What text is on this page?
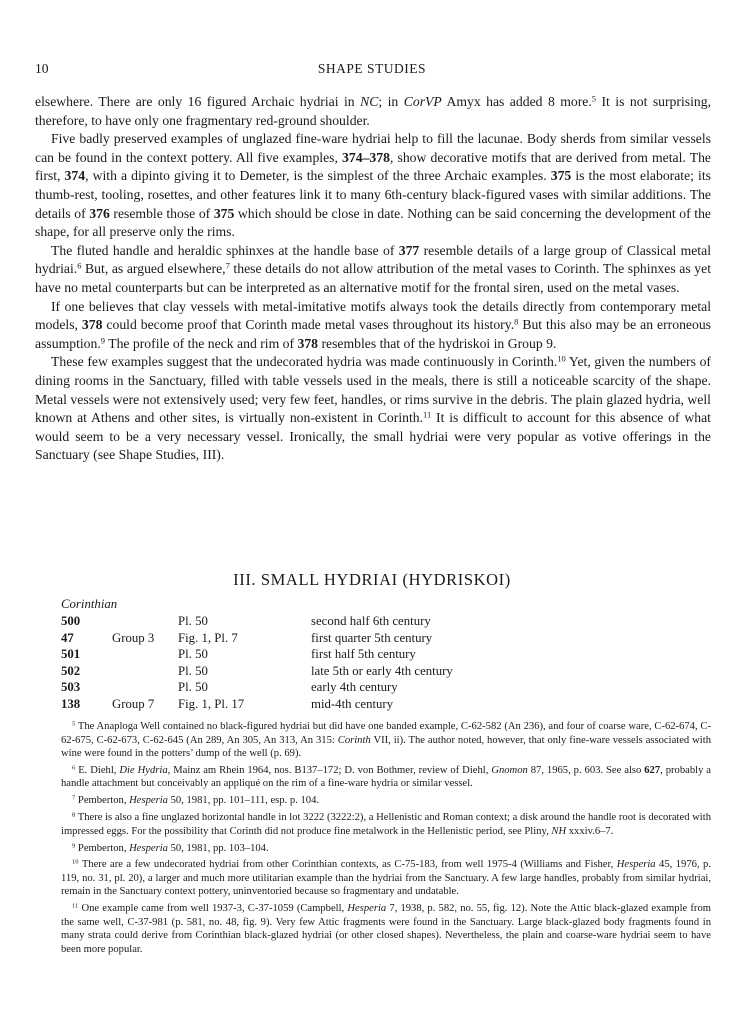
10	SHAPE STUDIES

elsewhere. There are only 16 figured Archaic hydriai in NC; in CorVP Amyx has added 8 more.$^5$ It is not surprising, therefore, to have only one fragmentary red-ground shoulder.

Five badly preserved examples of unglazed fine-ware hydriai help to fill the lacunae. Body sherds from similar vessels can be found in the context pottery. All five examples, 374–378, show decorative motifs that are derived from metal. The first, 374, with a dipinto giving it to Demeter, is the simplest of the three Archaic examples. 375 is the most elaborate; its thumb-rest, tooling, rosettes, and other features link it to many 6th-century black-figured vases with similar additions. The details of 376 resemble those of 375 which should be close in date. Nothing can be said concerning the development of the shape, for all preserve only the rims.

The fluted handle and heraldic sphinxes at the handle base of 377 resemble details of a large group of Classical metal hydriai.$^6$ But, as argued elsewhere,$^7$ these details do not allow attribution of the metal vases to Corinth. The sphinxes as yet have no metal counterparts but can be interpreted as an alternative motif for the frontal siren, used on the metal vases.

If one believes that clay vessels with metal-imitative motifs always took the details directly from contemporary metal models, 378 could become proof that Corinth made metal vases throughout its history.$^8$ But this also may be an erroneous assumption.$^9$ The profile of the neck and rim of 378 resembles that of the hydriskoi in Group 9.

These few examples suggest that the undecorated hydria was made continuously in Corinth.$^{10}$ Yet, given the numbers of dining rooms in the Sanctuary, filled with table vessels used in the meals, there is still a noticeable scarcity of the shape. Metal vessels were not extensively used; very few feet, handles, or rims survive in the debris. The plain glazed hydria, well known at Athens and other sites, is virtually non-existent in Corinth.$^{11}$ It is difficult to account for this absence of what would seem to be a very necessary vessel. Ironically, the small hydriai were very popular as votive offerings in the Sanctuary (see Shape Studies, III).

III. SMALL HYDRIAI (HYDRISKOI)
Corinthian
500		Pl. 50	second half 6th century
47	Group 3	Fig. 1, Pl. 7	first quarter 5th century
501		Pl. 50	first half 5th century
502		Pl. 50	late 5th or early 4th century
503		Pl. 50	early 4th century
138	Group 7	Fig. 1, Pl. 17	mid-4th century

$^5$ The Anaploga Well contained no black-figured hydriai but did have one banded example, C-62-582 (An 236), and four of coarse ware, C-62-674, C-62-675, C-62-673, C-62-645 (An 289, An 305, An 313, An 315: Corinth VII, ii). The author noted, however, that only fine-ware vessels associated with wine were found in the potters’ dump of the well (p. 69).

$^6$ E. Diehl, Die Hydria, Mainz am Rhein 1964, nos. B137–172; D. von Bothmer, review of Diehl, Gnomon 87, 1965, p. 603. See also 627, probably a handle attachment but conceivably an appliqué on the rim of a fine-ware hydria or similar vessel.

$^7$ Pemberton, Hesperia 50, 1981, pp. 101–111, esp. p. 104.

$^8$ There is also a fine unglazed horizontal handle in lot 3222 (3222:2), a Hellenistic and Roman context; a disk around the handle root is decorated with impressed eggs. For the possibility that Corinth did not produce fine metalwork in the Hellenistic period, see Pliny, NH xxxiv.6–7.

$^9$ Pemberton, Hesperia 50, 1981, pp. 103–104.

$^{10}$ There are a few undecorated hydriai from other Corinthian contexts, as C-75-183, from well 1975-4 (Williams and Fisher, Hesperia 45, 1976, p. 119, no. 31, pl. 20), a larger and much more utilitarian example than the hydriai from the Sanctuary. A few large handles, probably from similar hydriai, remain in the Sanctuary context pottery, uninventoried because so fragmentary and undatable.

$^{11}$ One example came from well 1937-3, C-37-1059 (Campbell, Hesperia 7, 1938, p. 582, no. 55, fig. 12). Note the Attic black-glazed example from the same well, C-37-981 (p. 581, no. 48, fig. 9). Very few Attic fragments were found in the Sanctuary. Large black-glazed body fragments found in many strata could derive from Corinthian black-glazed hydriai (or other closed shapes). Nevertheless, the plain and coarse-ware hydriai seem to have been more popular.
